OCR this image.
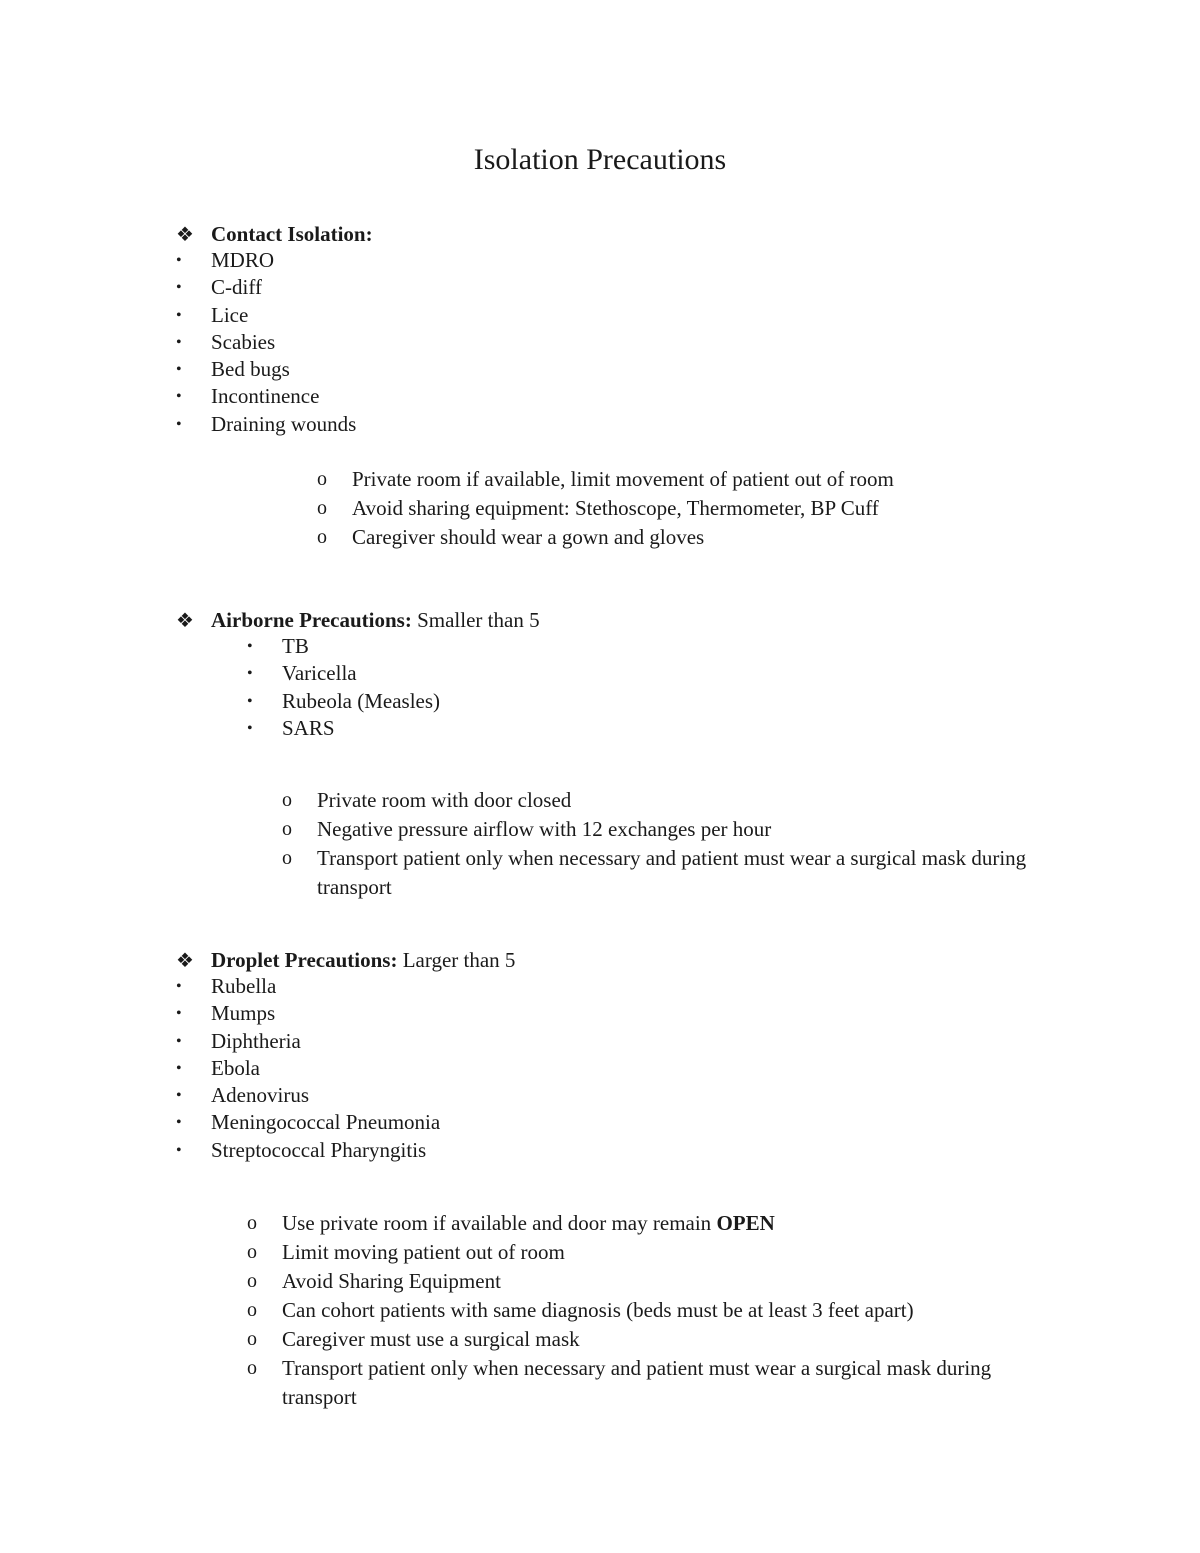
Isolation Precautions
❖ Contact Isolation:
•	MDRO
•	C-diff
•	Lice
•	Scabies
•	Bed bugs
•	Incontinence
•	Draining wounds
o Private room if available, limit movement of patient out of room
o Avoid sharing equipment: Stethoscope, Thermometer, BP Cuff
o Caregiver should wear a gown and gloves
❖ Airborne Precautions: Smaller than 5
•	TB
•	Varicella
•	Rubeola (Measles)
•	SARS
o Private room with door closed
o Negative pressure airflow with 12 exchanges per hour
o Transport patient only when necessary and patient must wear a surgical mask during transport
❖ Droplet Precautions: Larger than 5
•	Rubella
•	Mumps
•	Diphtheria
•	Ebola
•	Adenovirus
•	Meningococcal Pneumonia
•	Streptococcal Pharyngitis
o Use private room if available and door may remain OPEN
o Limit moving patient out of room
o Avoid Sharing Equipment
o Can cohort patients with same diagnosis (beds must be at least 3 feet apart)
o Caregiver must use a surgical mask
o Transport patient only when necessary and patient must wear a surgical mask during transport
